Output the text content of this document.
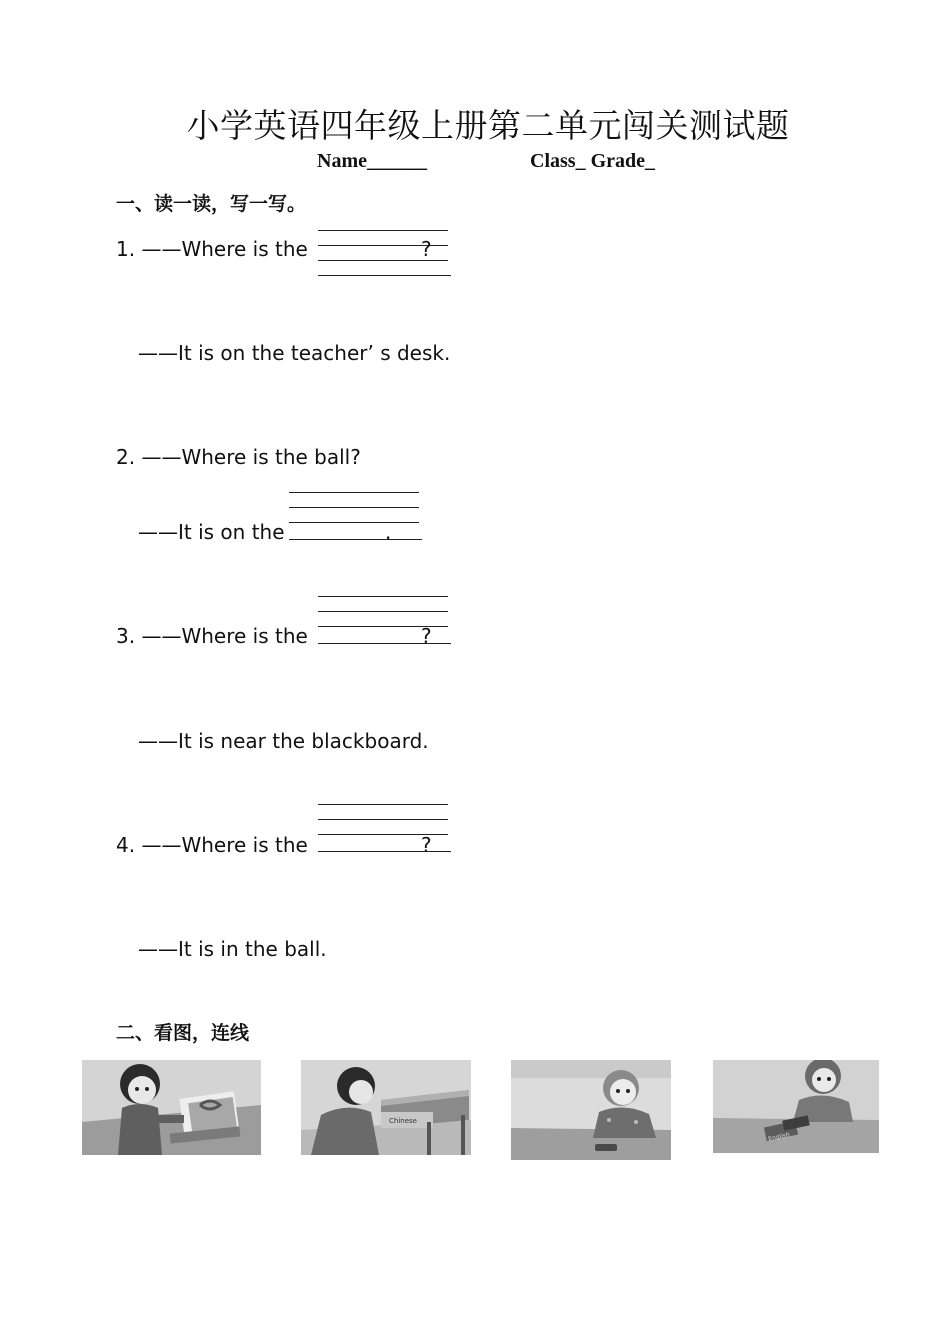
小学英语四年级上册第二单元闯关测试题
Name______	Class_ Grade_
一、读一读，写一写。
1. ——Where is the	?
——It is on the teacher’ s desk.
2. ——Where is the ball?
——It is on the	.
3. ——Where is the	?
——It is near the blackboard.
4. ——Where is the	?
——It is in the ball.
二、看图，连线
Chinese
English
